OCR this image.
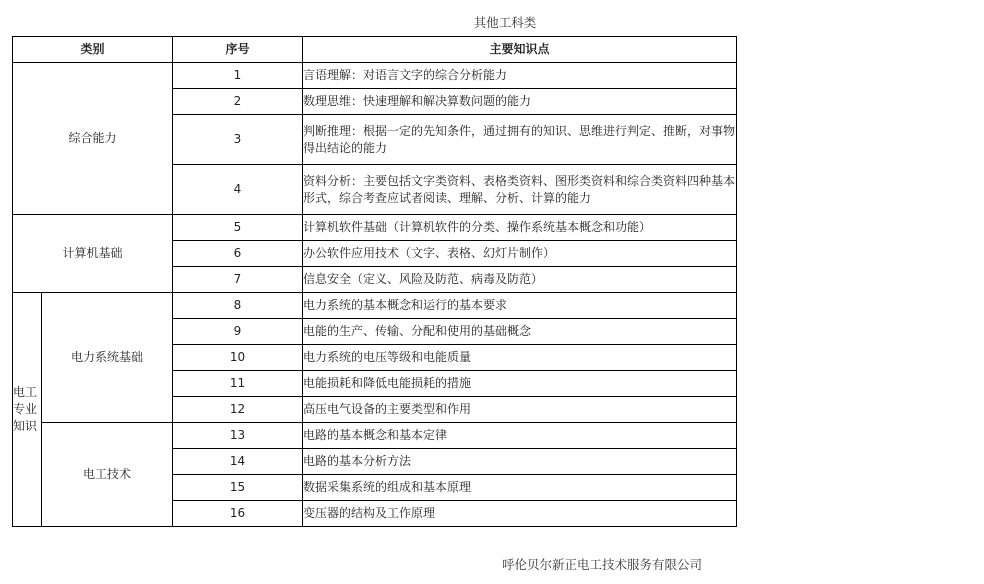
其他工科类
类别		序号	主要知识点
综合能力		1	言语理解：对语言文字的综合分析能力
		2	数理思维：快速理解和解决算数问题的能力
		3	判断推理：根据一定的先知条件，通过拥有的知识、思维进行判定、推断，对事物得出结论的能力
		4	资料分析：主要包括文字类资料、表格类资料、图形类资料和综合类资料四种基本形式，综合考查应试者阅读、理解、分析、计算的能力
计算机基础		5	计算机软件基础（计算机软件的分类、操作系统基本概念和功能）
		6	办公软件应用技术（文字、表格、幻灯片制作）
		7	信息安全（定义、风险及防范、病毒及防范）
电工
专业
知识	电力系统基础	8	电力系统的基本概念和运行的基本要求
		9	电能的生产、传输、分配和使用的基础概念
		10	电力系统的电压等级和电能质量
		11	电能损耗和降低电能损耗的措施
		12	高压电气设备的主要类型和作用
	电工技术	13	电路的基本概念和基本定律
		14	电路的基本分析方法
		15	数据采集系统的组成和基本原理
		16	变压器的结构及工作原理
呼伦贝尔新正电工技术服务有限公司
